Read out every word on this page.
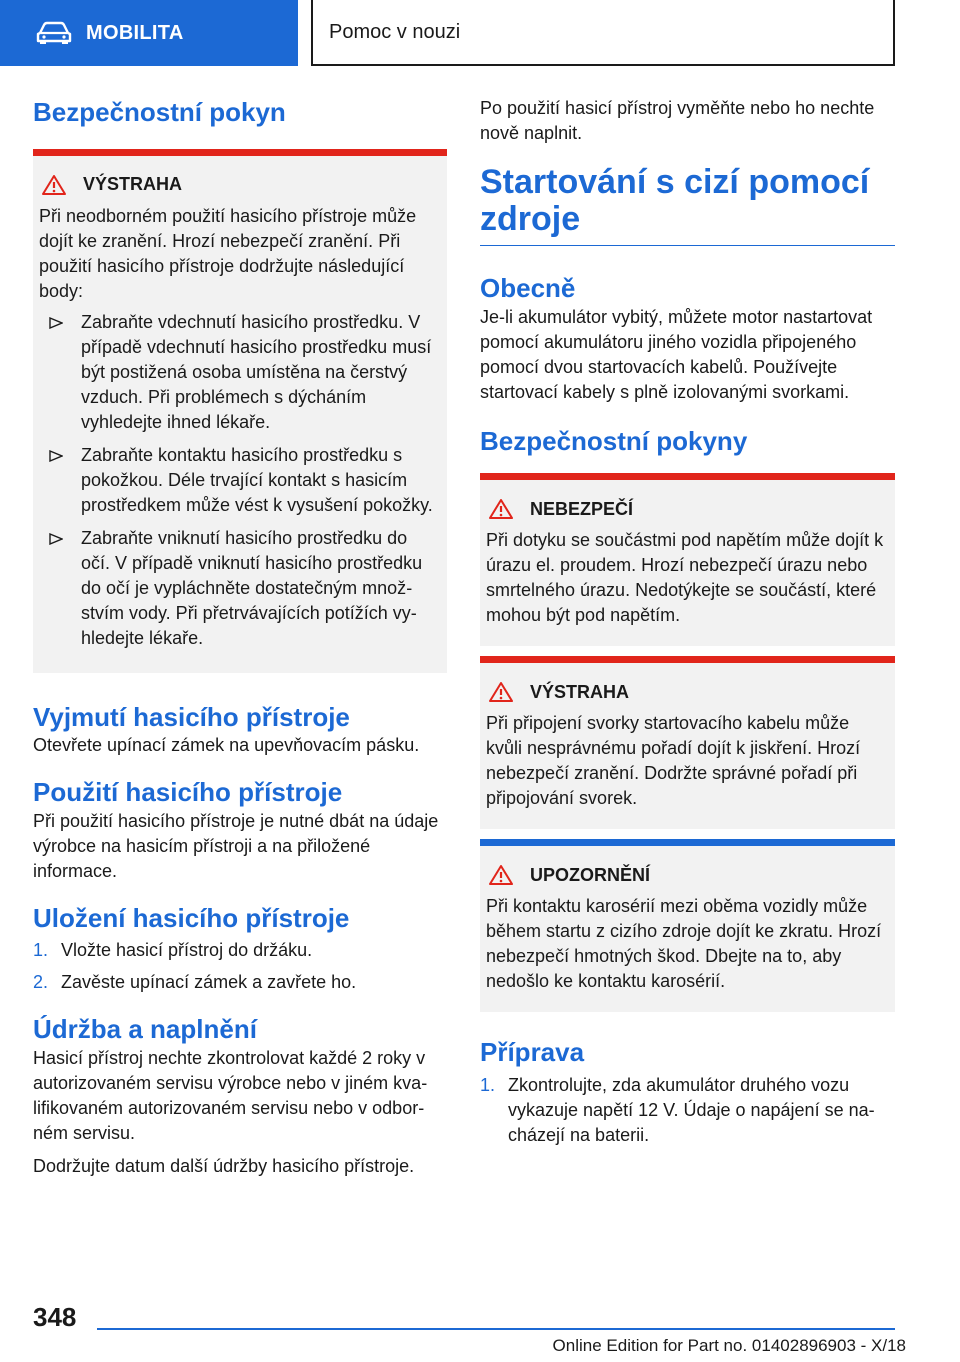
MOBILITA	Pomoc v nouzi
Bezpečnostní pokyn
VÝSTRAHA

Při neodborném použití hasicího přístroje může dojít ke zranění. Hrozí nebezpečí zranění. Při použití hasicího přístroje dodržujte následující body:

Zabraňte vdechnutí hasicího prostředku. V případě vdechnutí hasicího prostředku musí být postižená osoba umístěna na čerstvý vzduch. Při problémech s dýcháním vyhledejte ihned lékaře.
Zabraňte kontaktu hasicího prostředku s pokožkou. Déle trvající kontakt s hasicím prostředkem může vést k vysušení pokožky.
Zabraňte vniknutí hasicího prostředku do očí. V případě vniknutí hasicího prostředku do očí je vypláchněte dostatečným množstvím vody. Při přetrvávajících potížích vyhledejte lékaře.
Vyjmutí hasicího přístroje

Otevřete upínací zámek na upevňovacím pásku.

Použití hasicího přístroje

Při použití hasicího přístroje je nutné dbát na údaje výrobce na hasicím přístroji a na přiložené informace.

Uložení hasicího přístroje
1. Vložte hasicí přístroj do držáku.
2. Zavěste upínací zámek a zavřete ho.
Údržba a naplnění

Hasicí přístroj nechte zkontrolovat každé 2 roky v autorizovaném servisu výrobce nebo v jiném kvalifikovaném autorizovaném servisu nebo v odborném servisu.

Dodržujte datum další údržby hasicího přístroje.

Po použití hasicí přístroj vyměňte nebo ho nechte nově naplnit.

Startování s cizí pomocí zdroje
Obecně

Je-li akumulátor vybitý, můžete motor nastartovat pomocí akumulátoru jiného vozidla připojeného pomocí dvou startovacích kabelů. Používejte startovací kabely s plně izolovanými svorkami.

Bezpečnostní pokyny
NEBEZPEČÍ

Při dotyku se součástmi pod napětím může dojít k úrazu el. proudem. Hrozí nebezpečí úrazu nebo smrtelného úrazu. Nedotýkejte se součástí, které mohou být pod napětím.

VÝSTRAHA

Při připojení svorky startovacího kabelu může kvůli nesprávnému pořadí dojít k jiskření. Hrozí nebezpečí zranění. Dodržte správné pořadí při připojování svorek.

UPOZORNĚNÍ

Při kontaktu karosérií mezi oběma vozidly může během startu z cizího zdroje dojít ke zkratu. Hrozí nebezpečí hmotných škod. Dbejte na to, aby nedošlo ke kontaktu karosérií.

Příprava
1. Zkontrolujte, zda akumulátor druhého vozu vykazuje napětí 12 V. Údaje o napájení se nacházejí na baterii.
348
Online Edition for Part no. 01402896903 - X/18
